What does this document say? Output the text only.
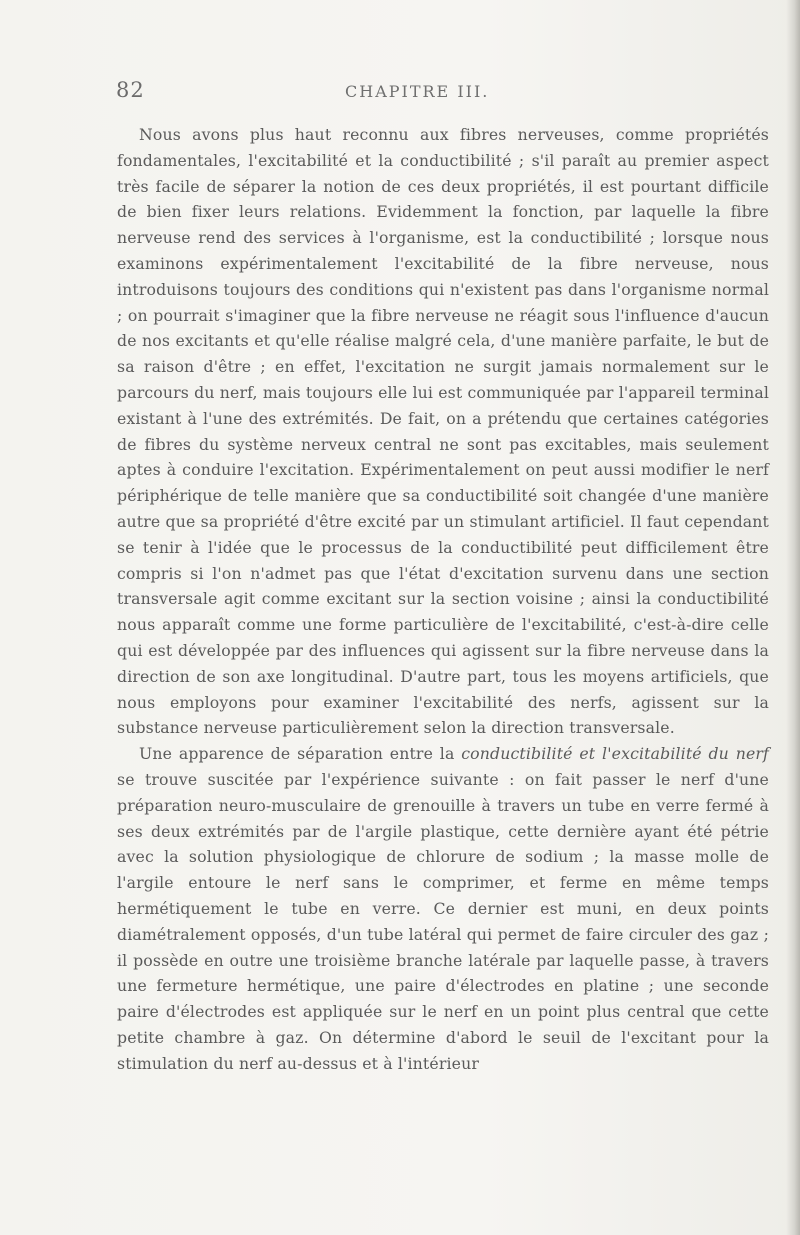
82	CHAPITRE III.

Nous avons plus haut reconnu aux fibres nerveuses, comme propriétés fondamentales, l'excitabilité et la conductibilité ; s'il paraît au premier aspect très facile de séparer la notion de ces deux propriétés, il est pourtant difficile de bien fixer leurs relations. Evidemment la fonction, par laquelle la fibre nerveuse rend des services à l'organisme, est la conductibilité ; lorsque nous examinons expérimentalement l'excitabilité de la fibre nerveuse, nous introduisons toujours des conditions qui n'existent pas dans l'organisme normal ; on pourrait s'imaginer que la fibre nerveuse ne réagit sous l'influence d'aucun de nos excitants et qu'elle réalise malgré cela, d'une manière parfaite, le but de sa raison d'être ; en effet, l'excitation ne surgit jamais normalement sur le parcours du nerf, mais toujours elle lui est communiquée par l'appareil terminal existant à l'une des extrémités. De fait, on a prétendu que certaines catégories de fibres du système nerveux central ne sont pas excitables, mais seulement aptes à conduire l'excitation. Expérimentalement on peut aussi modifier le nerf périphérique de telle manière que sa conductibilité soit changée d'une manière autre que sa propriété d'être excité par un stimulant artificiel. Il faut cependant se tenir à l'idée que le processus de la conductibilité peut difficilement être compris si l'on n'admet pas que l'état d'excitation survenu dans une section transversale agit comme excitant sur la section voisine ; ainsi la conductibilité nous apparaît comme une forme particulière de l'excitabilité, c'est-à-dire celle qui est développée par des influences qui agissent sur la fibre nerveuse dans la direction de son axe longitudinal. D'autre part, tous les moyens artificiels, que nous employons pour examiner l'excitabilité des nerfs, agissent sur la substance nerveuse particulièrement selon la direction transversale.

Une apparence de séparation entre la conductibilité et l'excitabilité du nerf se trouve suscitée par l'expérience suivante : on fait passer le nerf d'une préparation neuro-musculaire de grenouille à travers un tube en verre fermé à ses deux extrémités par de l'argile plastique, cette dernière ayant été pétrie avec la solution physiologique de chlorure de sodium ; la masse molle de l'argile entoure le nerf sans le comprimer, et ferme en même temps hermétiquement le tube en verre. Ce dernier est muni, en deux points diamétralement opposés, d'un tube latéral qui permet de faire circuler des gaz ; il possède en outre une troisième branche latérale par laquelle passe, à travers une fermeture hermétique, une paire d'électrodes en platine ; une seconde paire d'électrodes est appliquée sur le nerf en un point plus central que cette petite chambre à gaz. On détermine d'abord le seuil de l'excitant pour la stimulation du nerf au-dessus et à l'intérieur
